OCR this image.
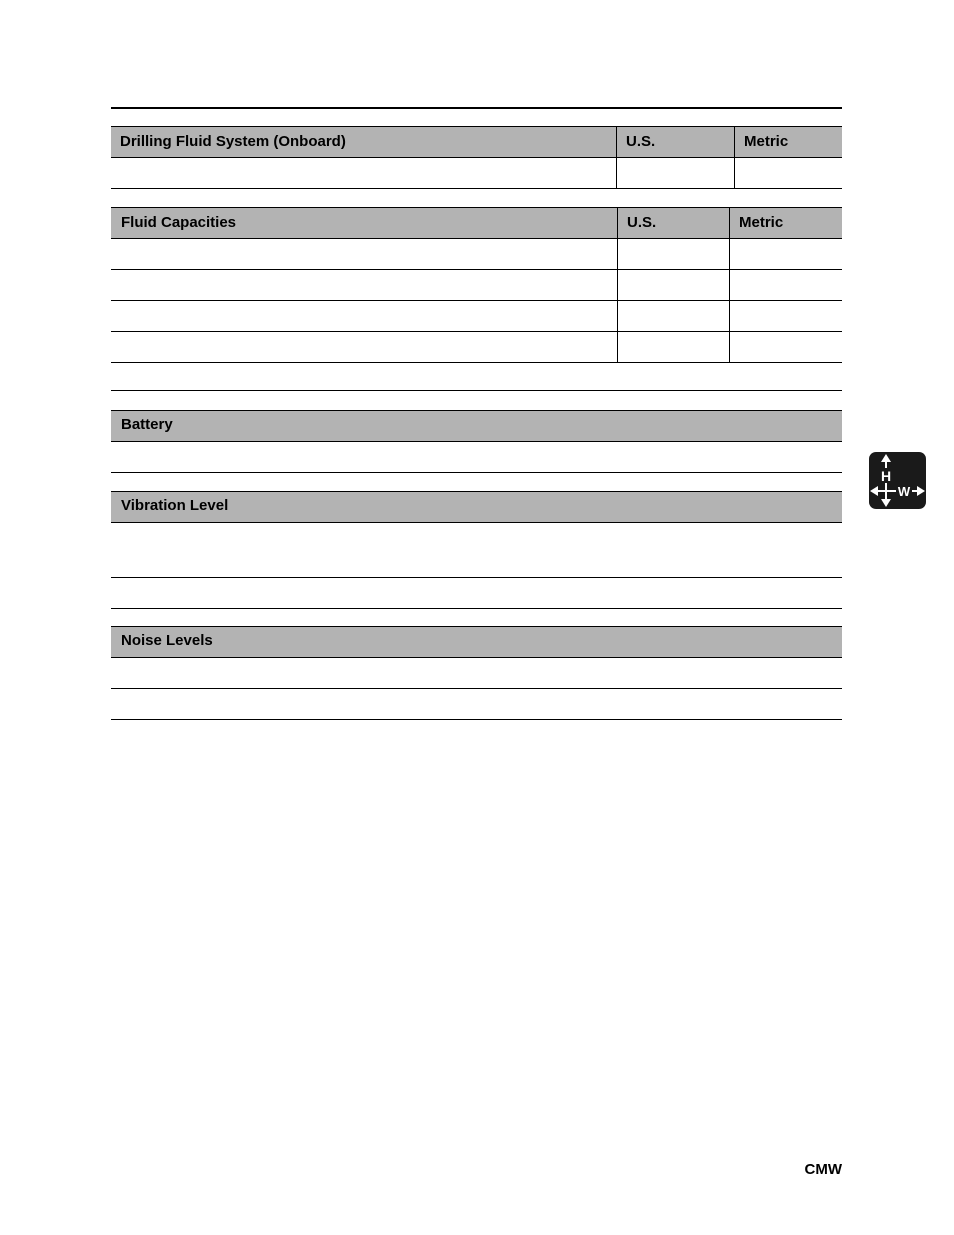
Drilling Fluid System (Onboard)	U.S.	Metric
Fluid Capacities	U.S.	Metric
Battery
Vibration Level
Noise Levels
H
W
CMW
